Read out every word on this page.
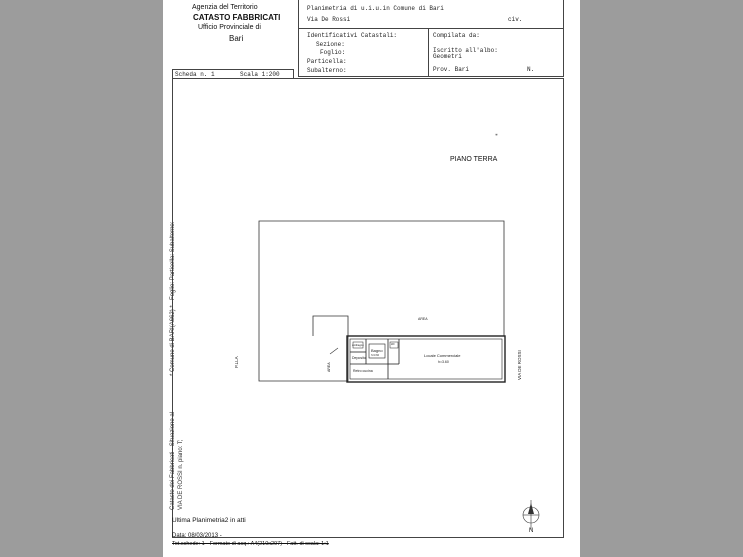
Agenzia del Territorio
CATASTO FABBRICATI
Ufficio Provinciale di
Bari
Planimetria di u.i.u.in Comune di Bari
Via De Rossi	civ.
Identificativi Catastali:
Sezione:
Foglio:
Particella:
Subalterno:
Compilata da:
Iscritto all'albo:
Geometri
Prov. Bari	N.
Scheda n. 1	Scala 1:200
PIANO TERRA
✳
AREA
AREA
Antibagno
Deposito
Bagno
h=3.60
Wc
Retro cucina
Locale Commerciale
h=3.60
P.LLA	VIA DE ROSSI
N
* Comune di BARI(A662) * - Foglio: Particella: Subalterno:
Catasto dei Fabbricati - Situazione al VIA DE ROSSI n. piano: T;
Ultima Planimetria2 in atti
Data: 08/03/2013 -
Tot.schede: 1 - Formato di acq.: A4(210x297) - Fatt. di scala: 1:1
